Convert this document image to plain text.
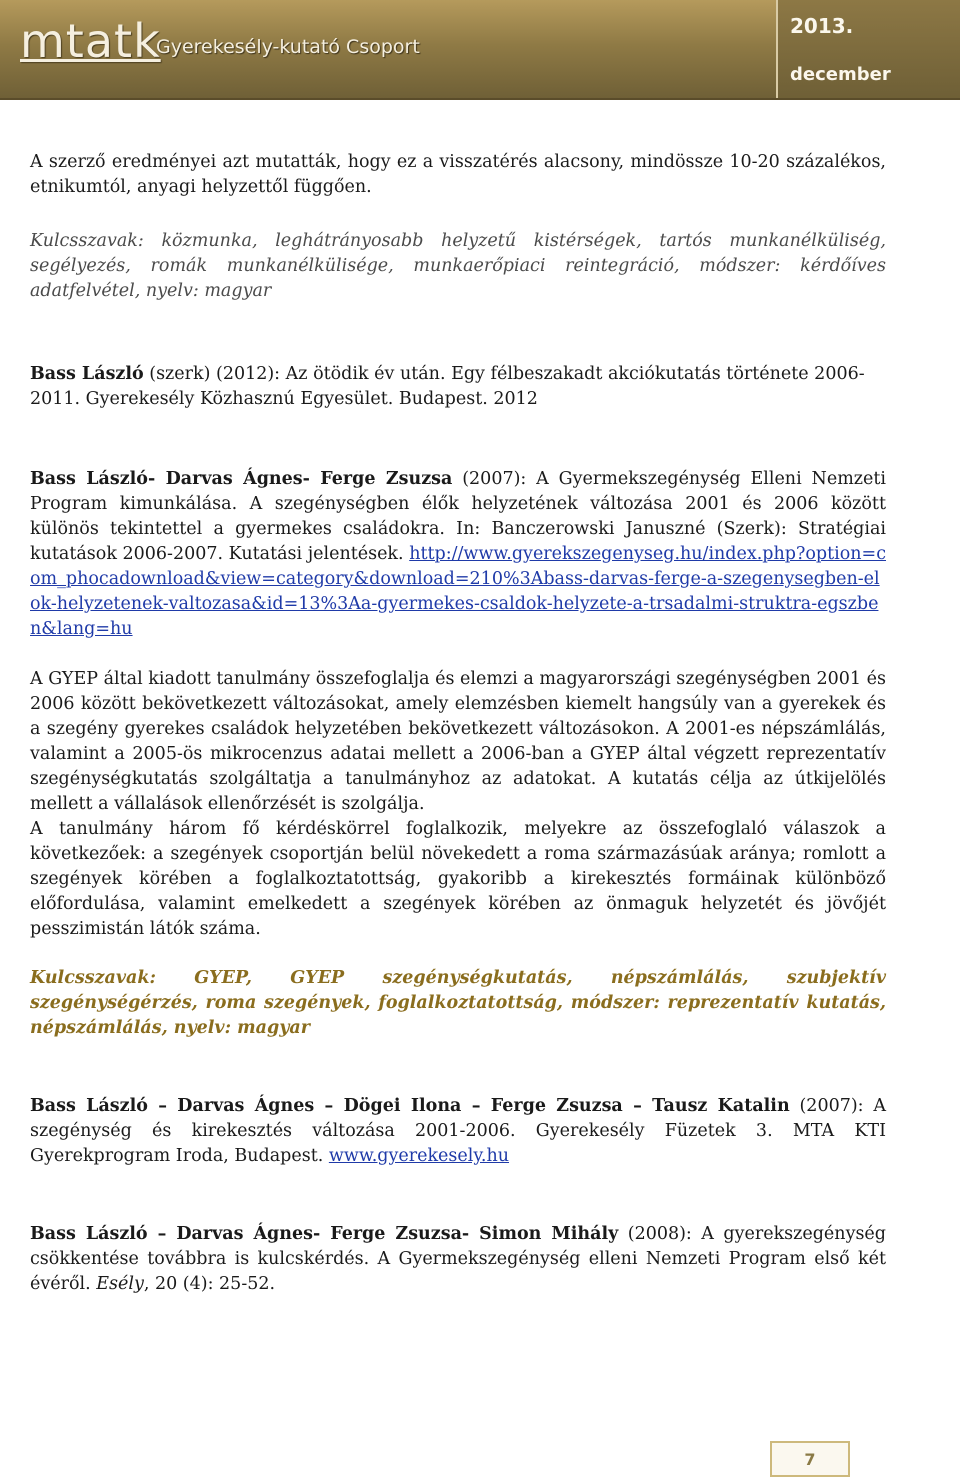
mtatk
Gyerekesély-kutató Csoport
2013.
december

A szerző eredményei azt mutatták, hogy ez a visszatérés alacsony, mindössze 10-20 százalékos, etnikumtól, anyagi helyzettől függően.

Kulcsszavak: közmunka, leghátrányosabb helyzetű kistérségek, tartós munkanélküliség, segélyezés, romák munkanélkülisége, munkaerőpiaci reintegráció, módszer: kérdőíves adatfelvétel, nyelv: magyar

Bass László (szerk) (2012): Az ötödik év után. Egy félbeszakadt akciókutatás története 2006-2011. Gyerekesély Közhasznú Egyesület. Budapest. 2012

Bass László- Darvas Ágnes- Ferge Zsuzsa (2007): A Gyermekszegénység Elleni Nemzeti Program kimunkálása. A szegénységben élők helyzetének változása 2001 és 2006 között különös tekintettel a gyermekes családokra. In: Banczerowski Januszné (Szerk): Stratégiai kutatások 2006-2007. Kutatási jelentések. http://www.gyerekszegenyseg.hu/index.php?option=com_phocadownload&view=category&download=210%3Abass-darvas-ferge-a-szegenysegben-elok-helyzetenek-valtozasa&id=13%3Aa-gyermekes-csaldok-helyzete-a-trsadalmi-struktra-egszben&lang=hu

A GYEP által kiadott tanulmány összefoglalja és elemzi a magyarországi szegénységben 2001 és 2006 között bekövetkezett változásokat, amely elemzésben kiemelt hangsúly van a gyerekek és a szegény gyerekes családok helyzetében bekövetkezett változásokon. A 2001-es népszámlálás, valamint a 2005-ös mikrocenzus adatai mellett a 2006-ban a GYEP által végzett reprezentatív szegénységkutatás szolgáltatja a tanulmányhoz az adatokat. A kutatás célja az útkijelölés mellett a vállalások ellenőrzését is szolgálja.

A tanulmány három fő kérdéskörrel foglalkozik, melyekre az összefoglaló válaszok a következőek: a szegények csoportján belül növekedett a roma származásúak aránya; romlott a szegények körében a foglalkoztatottság, gyakoribb a kirekesztés formáinak különböző előfordulása, valamint emelkedett a szegények körében az önmaguk helyzetét és jövőjét pesszimistán látók száma.

Kulcsszavak: GYEP, GYEP szegénységkutatás, népszámlálás, szubjektív szegénységérzés, roma szegények, foglalkoztatottság, módszer: reprezentatív kutatás, népszámlálás, nyelv: magyar

Bass László – Darvas Ágnes – Dögei Ilona – Ferge Zsuzsa – Tausz Katalin (2007): A szegénység és kirekesztés változása 2001-2006. Gyerekesély Füzetek 3. MTA KTI Gyerekprogram Iroda, Budapest. www.gyerekesely.hu

Bass László – Darvas Ágnes- Ferge Zsuzsa- Simon Mihály (2008): A gyerekszegénység csökkentése továbbra is kulcskérdés. A Gyermekszegénység elleni Nemzeti Program első két évéről. Esély, 20 (4): 25-52.

7
